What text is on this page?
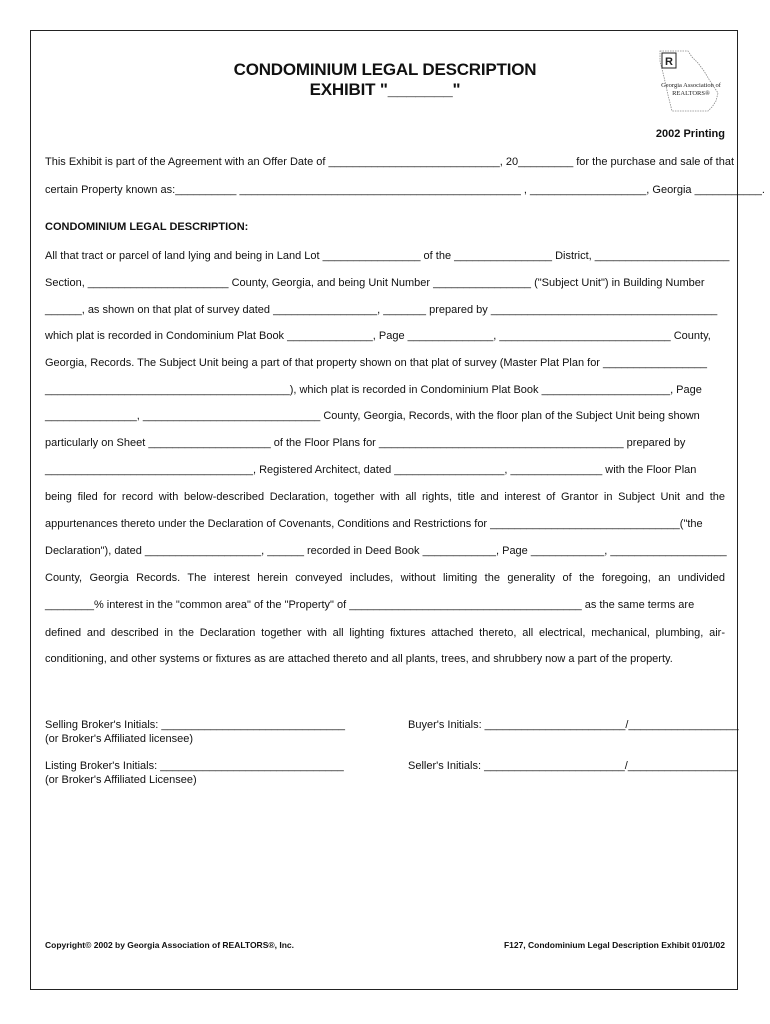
CONDOMINIUM LEGAL DESCRIPTION
EXHIBIT "_______"
R
Georgia Association of REALTORS®
2002 Printing
This Exhibit is part of the Agreement with an Offer Date of ____________________________, 20_________ for the purchase and sale of that
certain Property known as:__________ ______________________________________________ , ___________________, Georgia ___________.
CONDOMINIUM LEGAL DESCRIPTION:
All that tract or parcel of land lying and being in Land Lot ________________ of the ________________ District, ______________________
Section, _______________________ County, Georgia, and being Unit Number ________________ ("Subject Unit") in Building Number
______, as shown on that plat of survey dated _________________, _______ prepared by _____________________________________
which plat is recorded in Condominium Plat Book ______________, Page ______________, ____________________________ County,
Georgia, Records. The Subject Unit being a part of that property shown on that plat of survey (Master Plat Plan for _________________
________________________________________), which plat is recorded in Condominium Plat Book _____________________, Page
_______________, _____________________________ County, Georgia, Records, with the floor plan of the Subject Unit being shown
particularly on Sheet ____________________ of the Floor Plans for ________________________________________ prepared by
__________________________________, Registered Architect, dated __________________, _______________ with the Floor Plan
being filed for record with below-described Declaration, together with all rights, title and interest of Grantor in Subject Unit and the
appurtenances thereto under the Declaration of Covenants, Conditions and Restrictions for _______________________________("the
Declaration"), dated ___________________, ______ recorded in Deed Book ____________, Page ____________, ___________________
County, Georgia Records. The interest herein conveyed includes, without limiting the generality of the foregoing, an undivided
________% interest in the "common area" of the "Property" of ______________________________________ as the same terms are
defined and described in the Declaration together with all lighting fixtures attached thereto, all electrical, mechanical, plumbing, air-
conditioning, and other systems or fixtures as are attached thereto and all plants, trees, and shrubbery now a part of the property.
Selling Broker's Initials: ______________________________
(or Broker's Affiliated licensee)
Buyer's Initials: _______________________/__________________
Listing Broker's Initials: ______________________________
(or Broker's Affiliated Licensee)
Seller's Initials: _______________________/__________________
Copyright© 2002 by Georgia Association of REALTORS®, Inc.	F127, Condominium Legal Description Exhibit 01/01/02
